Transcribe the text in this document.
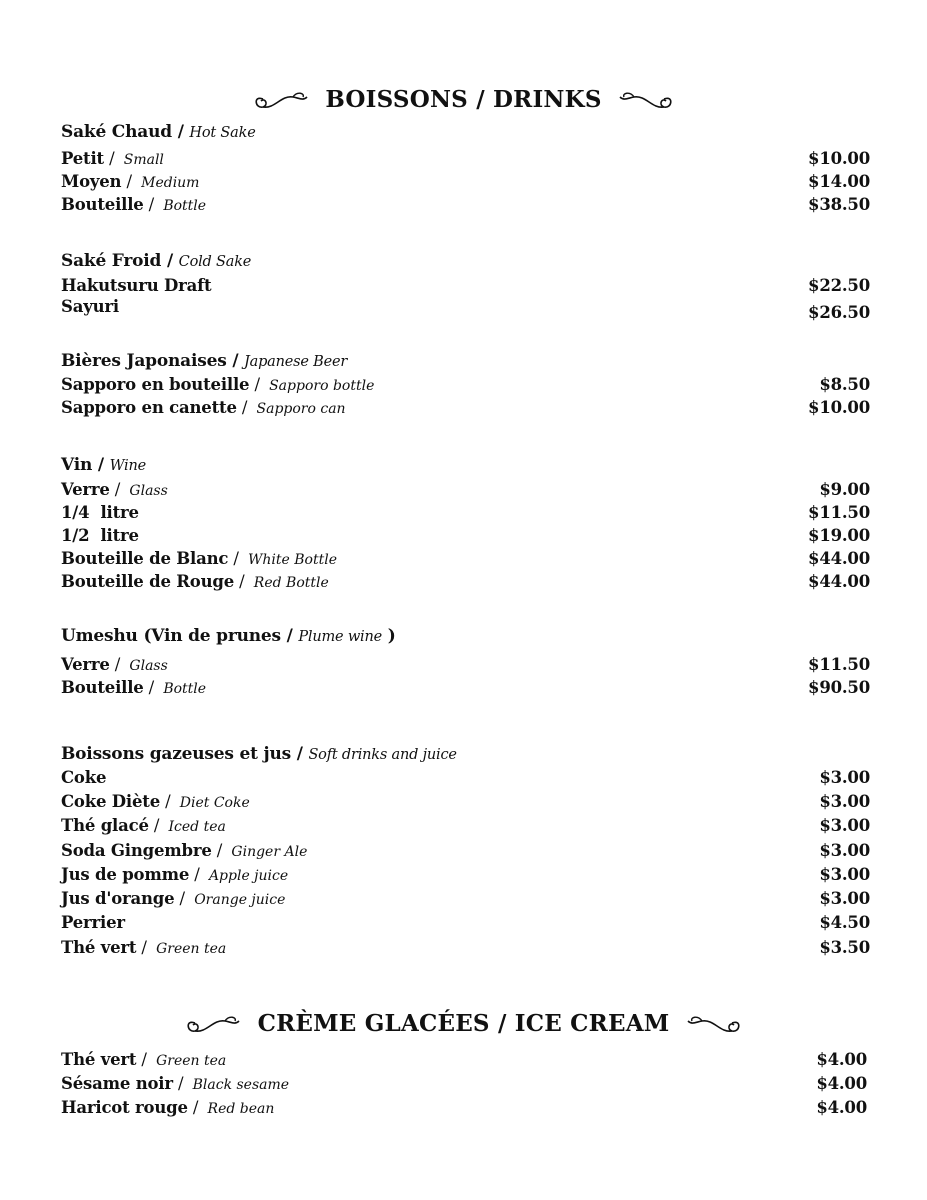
BOISSONS / DRINKS
Saké Chaud / Hot Sake
Petit / Small	$10.00
Moyen / Medium	$14.00
Bouteille / Bottle	$38.50
Saké Froid / Cold Sake
Hakutsuru Draft	$22.50
Sayuri	$26.50
Bières Japonaises / Japanese Beer
Sapporo en bouteille / Sapporo bottle	$8.50
Sapporo en canette / Sapporo can	$10.00
Vin / Wine
Verre / Glass	$9.00
1/4  litre	$11.50
1/2  litre	$19.00
Bouteille de Blanc / White Bottle	$44.00
Bouteille de Rouge / Red Bottle	$44.00
Umeshu (Vin de prunes / Plume wine )
Verre / Glass	$11.50
Bouteille / Bottle	$90.50
Boissons gazeuses et jus / Soft drinks and juice
Coke	$3.00
Coke Diète / Diet Coke	$3.00
Thé glacé / Iced tea	$3.00
Soda Gingembre / Ginger Ale	$3.00
Jus de pomme / Apple juice	$3.00
Jus d'orange / Orange juice	$3.00
Perrier	$4.50
Thé vert / Green tea	$3.50
CRÈME GLACÉES / ICE CREAM
Thé vert / Green tea	$4.00
Sésame noir / Black sesame	$4.00
Haricot rouge / Red bean	$4.00
